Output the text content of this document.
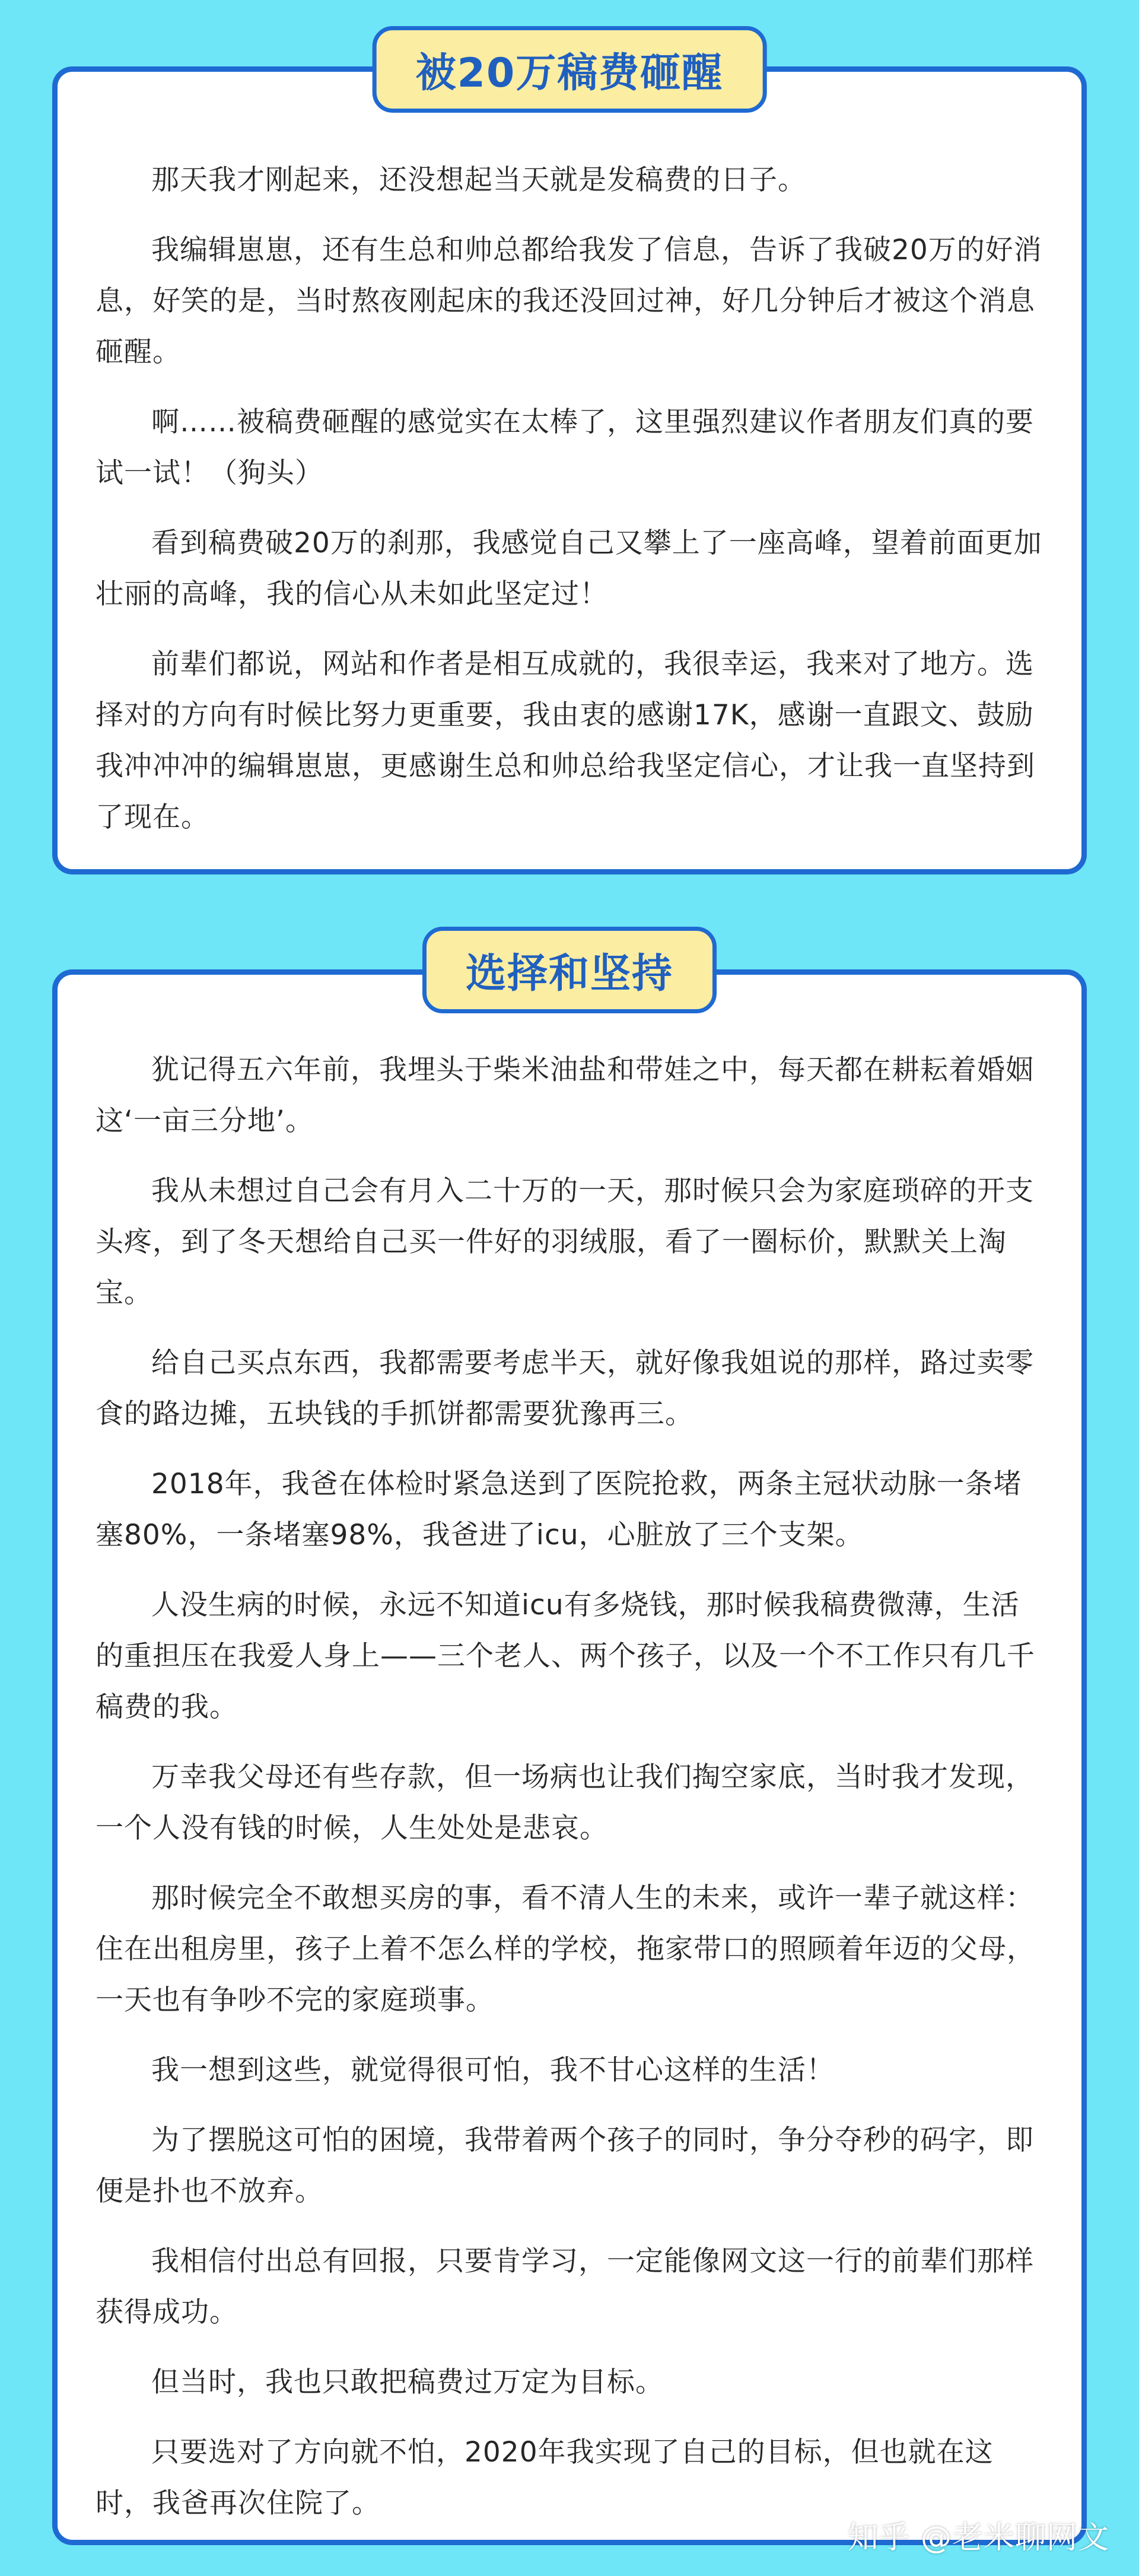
那天我才刚起来，还没想起当天就是发稿费的日子。

我编辑崽崽，还有生总和帅总都给我发了信息，告诉了我破20万的好消息，好笑的是，当时熬夜刚起床的我还没回过神，好几分钟后才被这个消息砸醒。

啊……被稿费砸醒的感觉实在太棒了，这里强烈建议作者朋友们真的要试一试！（狗头）

看到稿费破20万的刹那，我感觉自己又攀上了一座高峰，望着前面更加壮丽的高峰，我的信心从未如此坚定过！

前辈们都说，网站和作者是相互成就的，我很幸运，我来对了地方。选择对的方向有时候比努力更重要，我由衷的感谢17K，感谢一直跟文、鼓励我冲冲冲的编辑崽崽，更感谢生总和帅总给我坚定信心，才让我一直坚持到了现在。

被20万稿费砸醒

犹记得五六年前，我埋头于柴米油盐和带娃之中，每天都在耕耘着婚姻这‘一亩三分地’。

我从未想过自己会有月入二十万的一天，那时候只会为家庭琐碎的开支头疼，到了冬天想给自己买一件好的羽绒服，看了一圈标价，默默关上淘宝。

给自己买点东西，我都需要考虑半天，就好像我姐说的那样，路过卖零食的路边摊，五块钱的手抓饼都需要犹豫再三。

2018年，我爸在体检时紧急送到了医院抢救，两条主冠状动脉一条堵塞80%，一条堵塞98%，我爸进了icu，心脏放了三个支架。

人没生病的时候，永远不知道icu有多烧钱，那时候我稿费微薄，生活的重担压在我爱人身上——三个老人、两个孩子，以及一个不工作只有几千稿费的我。

万幸我父母还有些存款，但一场病也让我们掏空家底，当时我才发现，一个人没有钱的时候，人生处处是悲哀。

那时候完全不敢想买房的事，看不清人生的未来，或许一辈子就这样：住在出租房里，孩子上着不怎么样的学校，拖家带口的照顾着年迈的父母，一天也有争吵不完的家庭琐事。

我一想到这些，就觉得很可怕，我不甘心这样的生活！

为了摆脱这可怕的困境，我带着两个孩子的同时，争分夺秒的码字，即便是扑也不放弃。

我相信付出总有回报，只要肯学习，一定能像网文这一行的前辈们那样获得成功。

但当时，我也只敢把稿费过万定为目标。

只要选对了方向就不怕，2020年我实现了自己的目标，但也就在这时，我爸再次住院了。

选择和坚持
知乎 @老米聊网文
